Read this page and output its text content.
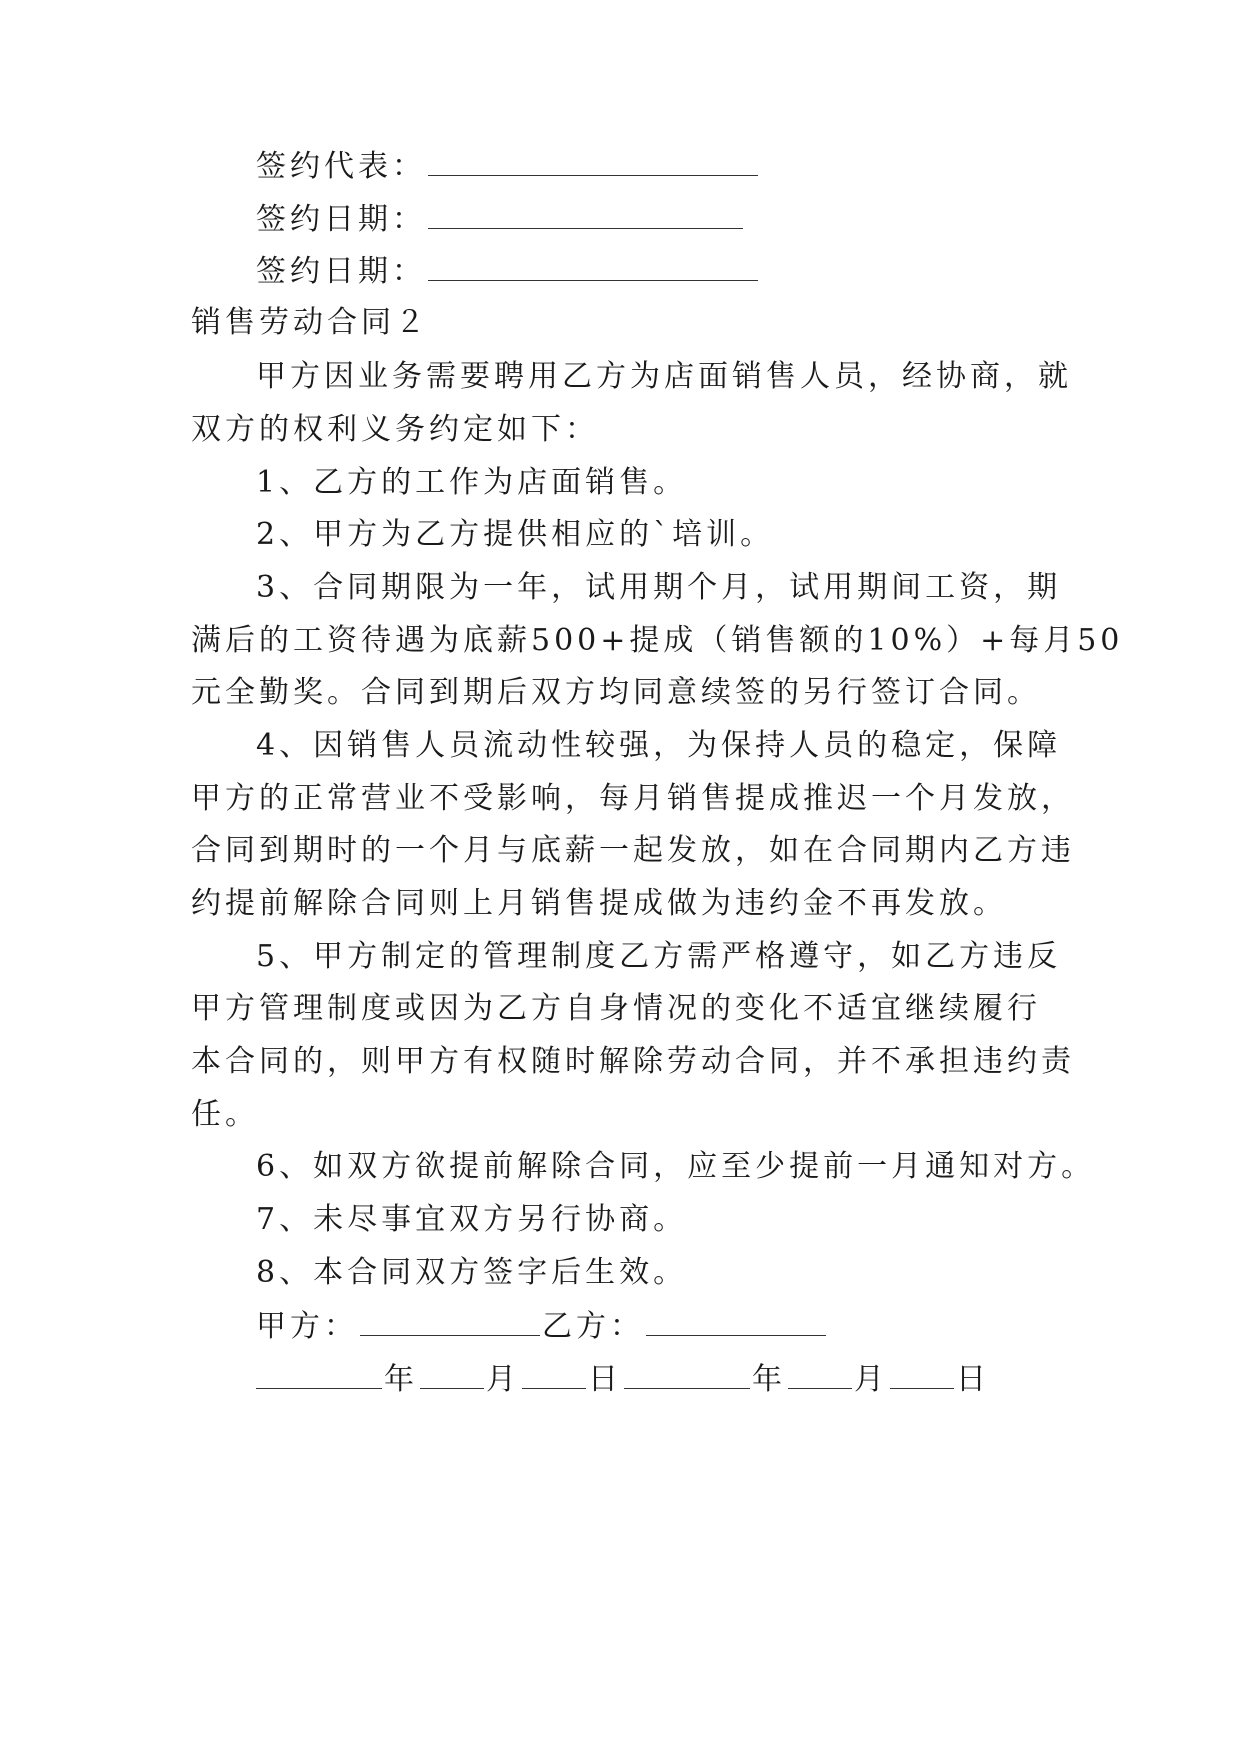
签约代表：
签约日期：
签约日期：
销售劳动合同２
甲方因业务需要聘用乙方为店面销售人员，经协商，就
双方的权利义务约定如下：
1、乙方的工作为店面销售。
2、甲方为乙方提供相应的`培训。
3、合同期限为一年，试用期个月，试用期间工资，期
满后的工资待遇为底薪500+提成（销售额的10%）+每月50
元全勤奖。合同到期后双方均同意续签的另行签订合同。
4、因销售人员流动性较强，为保持人员的稳定，保障
甲方的正常营业不受影响，每月销售提成推迟一个月发放，
合同到期时的一个月与底薪一起发放，如在合同期内乙方违
约提前解除合同则上月销售提成做为违约金不再发放。
5、甲方制定的管理制度乙方需严格遵守，如乙方违反
甲方管理制度或因为乙方自身情况的变化不适宜继续履行
本合同的，则甲方有权随时解除劳动合同，并不承担违约责
任。
6、如双方欲提前解除合同，应至少提前一月通知对方。
7、未尽事宜双方另行协商。
8、本合同双方签字后生效。
甲方：	乙方：
年 月 日	年 月 日
